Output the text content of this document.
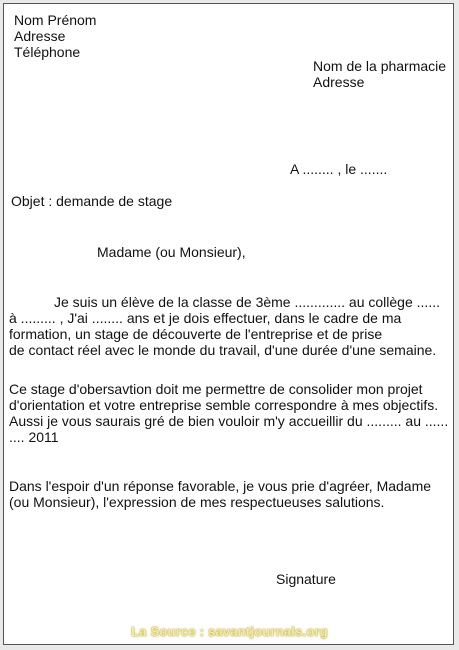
Nom Prénom
Adresse
Téléphone
Nom de la pharmacie
Adresse
A ........ , le .......
Objet : demande de stage
Madame (ou Monsieur),
Je suis un élève de la classe de 3ème ............. au collège ......
à ......... , J'ai ........ ans et je dois effectuer, dans le cadre de ma
formation, un stage de découverte de l'entreprise et de prise
de contact réel avec le monde du travail, d'une durée d'une semaine.
Ce stage d'obersavtion doit me permettre de consolider mon projet
d'orientation et votre entreprise semble correspondre à mes objectifs.
Aussi je vous saurais gré de bien vouloir m'y accueillir du ......... au ......
.... 2011
Dans l'espoir d'un réponse favorable, je vous prie d'agréer, Madame
(ou Monsieur), l'expression de mes respectueuses salutions.
Signature
La Source : savantjournals.org
